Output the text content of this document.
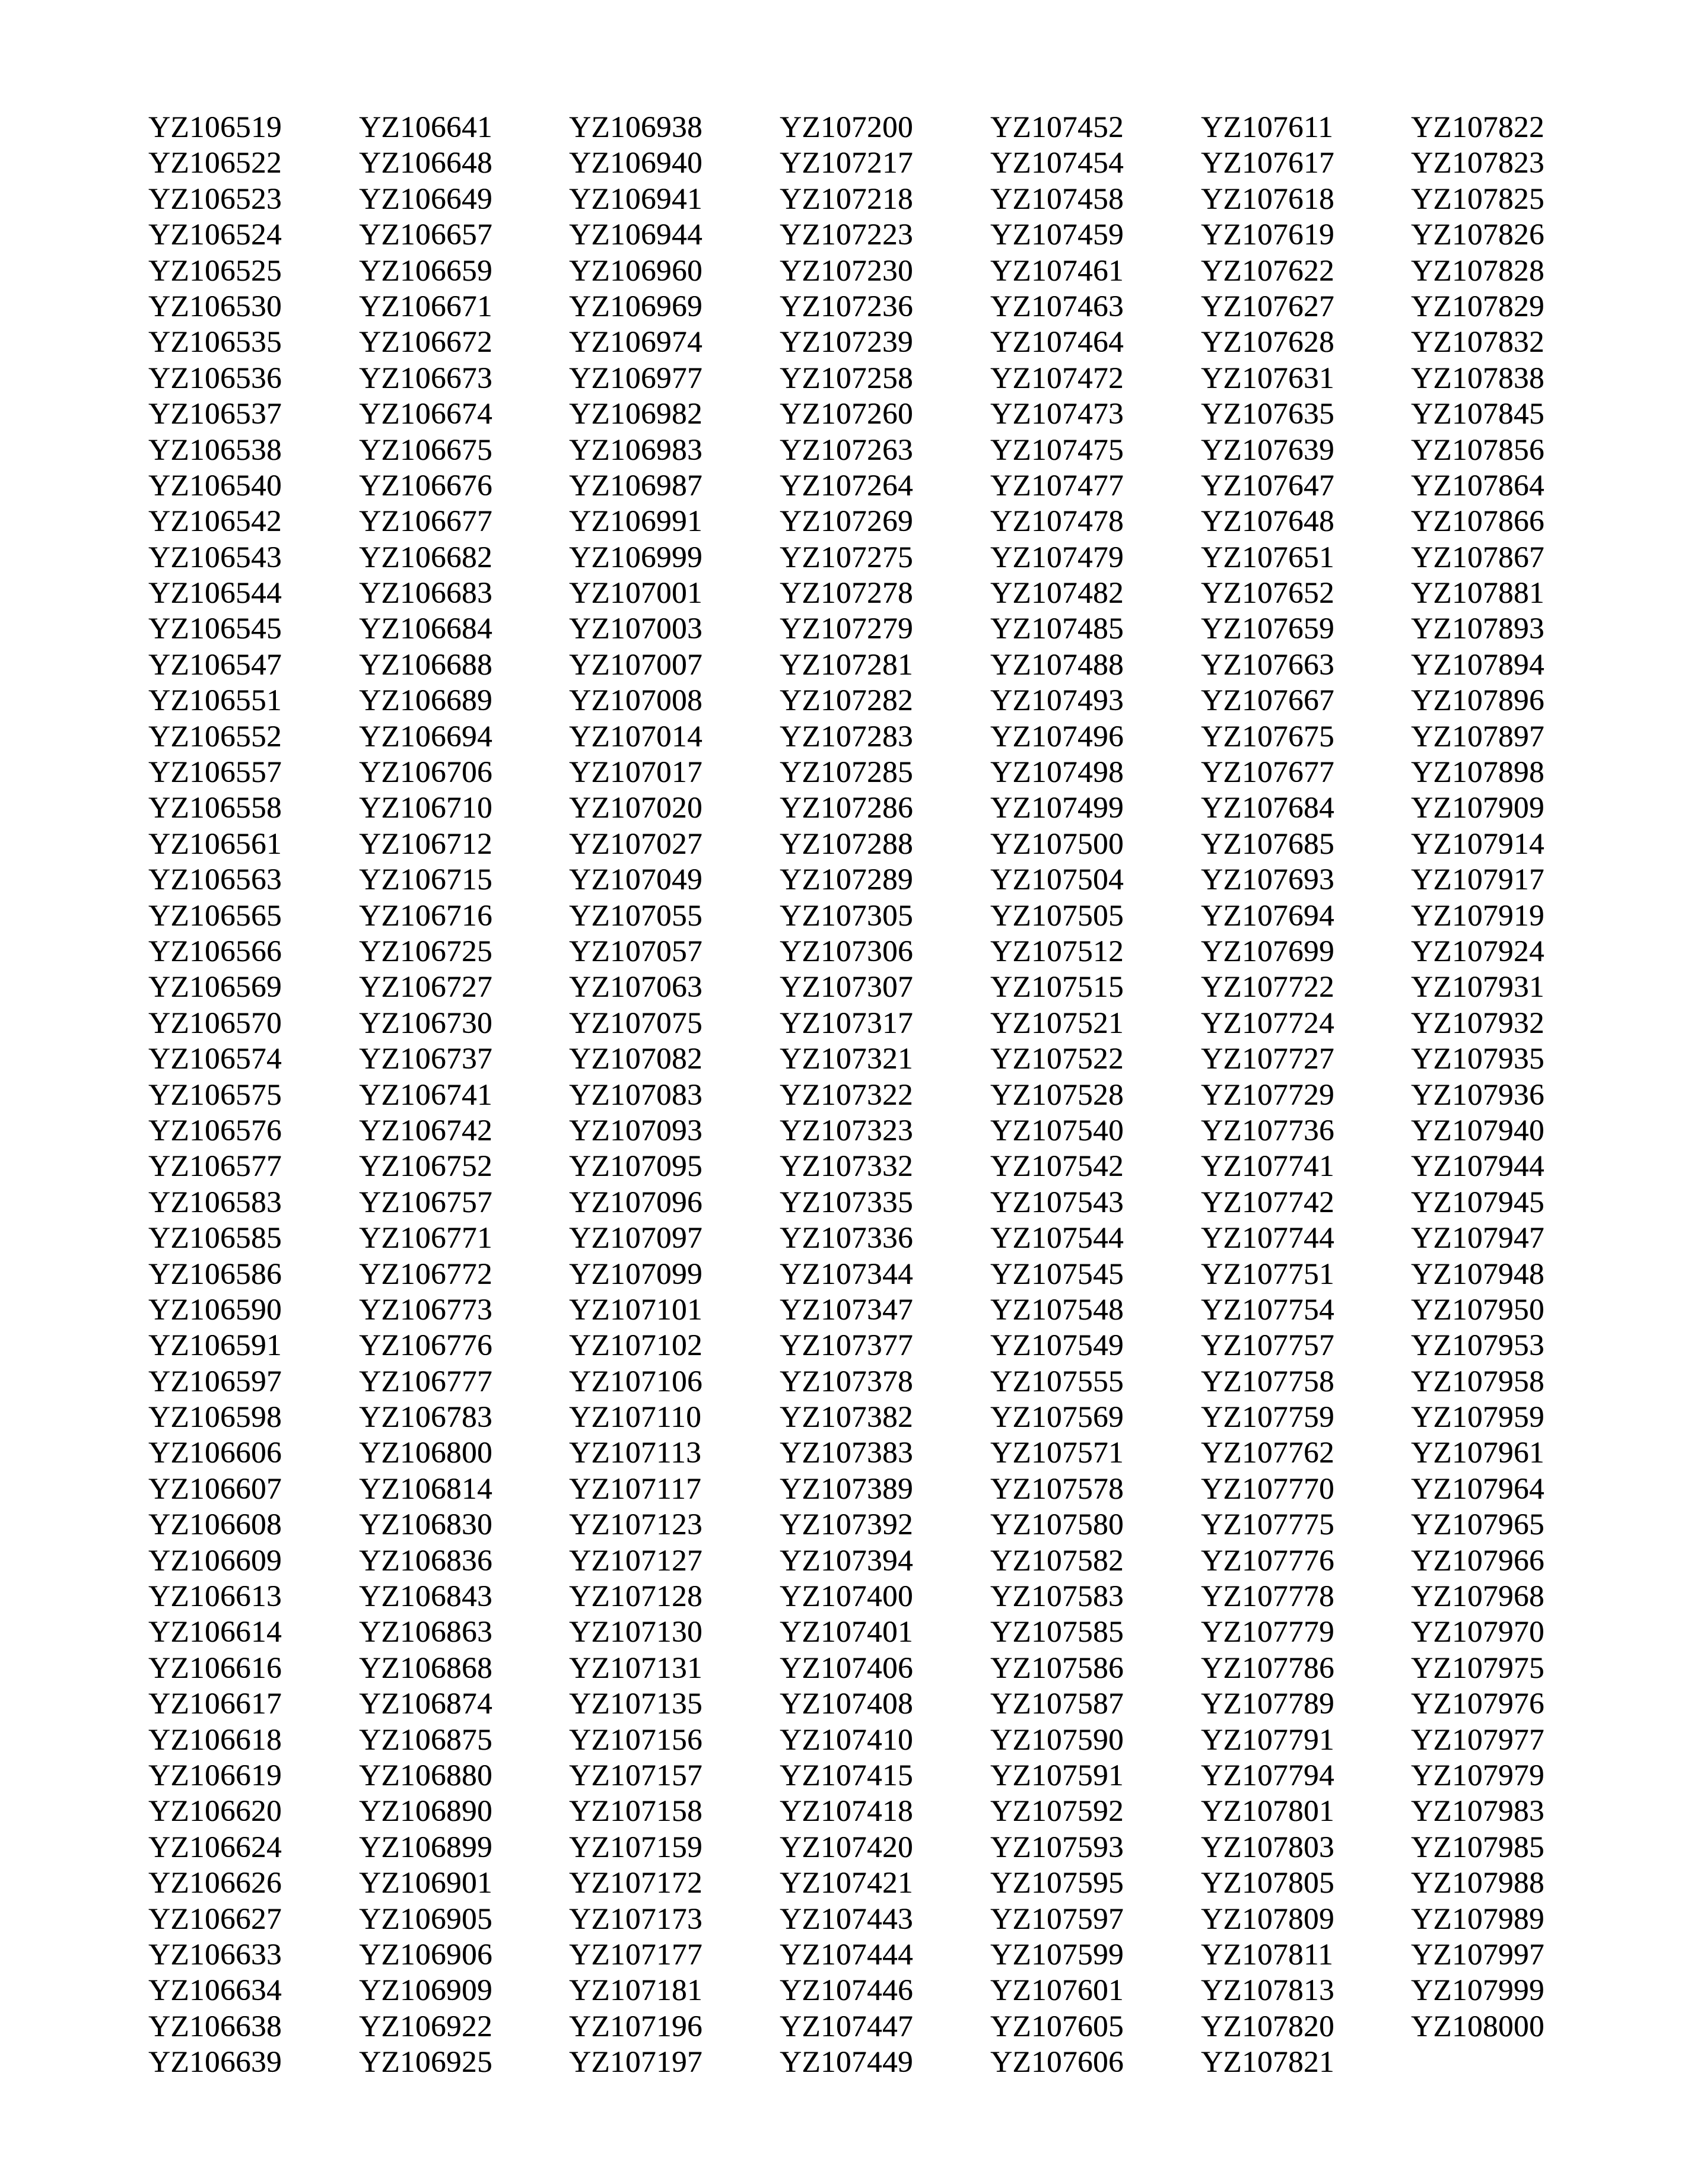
YZ106519
YZ106522
YZ106523
YZ106524
YZ106525
YZ106530
YZ106535
YZ106536
YZ106537
YZ106538
YZ106540
YZ106542
YZ106543
YZ106544
YZ106545
YZ106547
YZ106551
YZ106552
YZ106557
YZ106558
YZ106561
YZ106563
YZ106565
YZ106566
YZ106569
YZ106570
YZ106574
YZ106575
YZ106576
YZ106577
YZ106583
YZ106585
YZ106586
YZ106590
YZ106591
YZ106597
YZ106598
YZ106606
YZ106607
YZ106608
YZ106609
YZ106613
YZ106614
YZ106616
YZ106617
YZ106618
YZ106619
YZ106620
YZ106624
YZ106626
YZ106627
YZ106633
YZ106634
YZ106638
YZ106639
YZ106641
YZ106648
YZ106649
YZ106657
YZ106659
YZ106671
YZ106672
YZ106673
YZ106674
YZ106675
YZ106676
YZ106677
YZ106682
YZ106683
YZ106684
YZ106688
YZ106689
YZ106694
YZ106706
YZ106710
YZ106712
YZ106715
YZ106716
YZ106725
YZ106727
YZ106730
YZ106737
YZ106741
YZ106742
YZ106752
YZ106757
YZ106771
YZ106772
YZ106773
YZ106776
YZ106777
YZ106783
YZ106800
YZ106814
YZ106830
YZ106836
YZ106843
YZ106863
YZ106868
YZ106874
YZ106875
YZ106880
YZ106890
YZ106899
YZ106901
YZ106905
YZ106906
YZ106909
YZ106922
YZ106925
YZ106938
YZ106940
YZ106941
YZ106944
YZ106960
YZ106969
YZ106974
YZ106977
YZ106982
YZ106983
YZ106987
YZ106991
YZ106999
YZ107001
YZ107003
YZ107007
YZ107008
YZ107014
YZ107017
YZ107020
YZ107027
YZ107049
YZ107055
YZ107057
YZ107063
YZ107075
YZ107082
YZ107083
YZ107093
YZ107095
YZ107096
YZ107097
YZ107099
YZ107101
YZ107102
YZ107106
YZ107110
YZ107113
YZ107117
YZ107123
YZ107127
YZ107128
YZ107130
YZ107131
YZ107135
YZ107156
YZ107157
YZ107158
YZ107159
YZ107172
YZ107173
YZ107177
YZ107181
YZ107196
YZ107197
YZ107200
YZ107217
YZ107218
YZ107223
YZ107230
YZ107236
YZ107239
YZ107258
YZ107260
YZ107263
YZ107264
YZ107269
YZ107275
YZ107278
YZ107279
YZ107281
YZ107282
YZ107283
YZ107285
YZ107286
YZ107288
YZ107289
YZ107305
YZ107306
YZ107307
YZ107317
YZ107321
YZ107322
YZ107323
YZ107332
YZ107335
YZ107336
YZ107344
YZ107347
YZ107377
YZ107378
YZ107382
YZ107383
YZ107389
YZ107392
YZ107394
YZ107400
YZ107401
YZ107406
YZ107408
YZ107410
YZ107415
YZ107418
YZ107420
YZ107421
YZ107443
YZ107444
YZ107446
YZ107447
YZ107449
YZ107452
YZ107454
YZ107458
YZ107459
YZ107461
YZ107463
YZ107464
YZ107472
YZ107473
YZ107475
YZ107477
YZ107478
YZ107479
YZ107482
YZ107485
YZ107488
YZ107493
YZ107496
YZ107498
YZ107499
YZ107500
YZ107504
YZ107505
YZ107512
YZ107515
YZ107521
YZ107522
YZ107528
YZ107540
YZ107542
YZ107543
YZ107544
YZ107545
YZ107548
YZ107549
YZ107555
YZ107569
YZ107571
YZ107578
YZ107580
YZ107582
YZ107583
YZ107585
YZ107586
YZ107587
YZ107590
YZ107591
YZ107592
YZ107593
YZ107595
YZ107597
YZ107599
YZ107601
YZ107605
YZ107606
YZ107611
YZ107617
YZ107618
YZ107619
YZ107622
YZ107627
YZ107628
YZ107631
YZ107635
YZ107639
YZ107647
YZ107648
YZ107651
YZ107652
YZ107659
YZ107663
YZ107667
YZ107675
YZ107677
YZ107684
YZ107685
YZ107693
YZ107694
YZ107699
YZ107722
YZ107724
YZ107727
YZ107729
YZ107736
YZ107741
YZ107742
YZ107744
YZ107751
YZ107754
YZ107757
YZ107758
YZ107759
YZ107762
YZ107770
YZ107775
YZ107776
YZ107778
YZ107779
YZ107786
YZ107789
YZ107791
YZ107794
YZ107801
YZ107803
YZ107805
YZ107809
YZ107811
YZ107813
YZ107820
YZ107821
YZ107822
YZ107823
YZ107825
YZ107826
YZ107828
YZ107829
YZ107832
YZ107838
YZ107845
YZ107856
YZ107864
YZ107866
YZ107867
YZ107881
YZ107893
YZ107894
YZ107896
YZ107897
YZ107898
YZ107909
YZ107914
YZ107917
YZ107919
YZ107924
YZ107931
YZ107932
YZ107935
YZ107936
YZ107940
YZ107944
YZ107945
YZ107947
YZ107948
YZ107950
YZ107953
YZ107958
YZ107959
YZ107961
YZ107964
YZ107965
YZ107966
YZ107968
YZ107970
YZ107975
YZ107976
YZ107977
YZ107979
YZ107983
YZ107985
YZ107988
YZ107989
YZ107997
YZ107999
YZ108000
